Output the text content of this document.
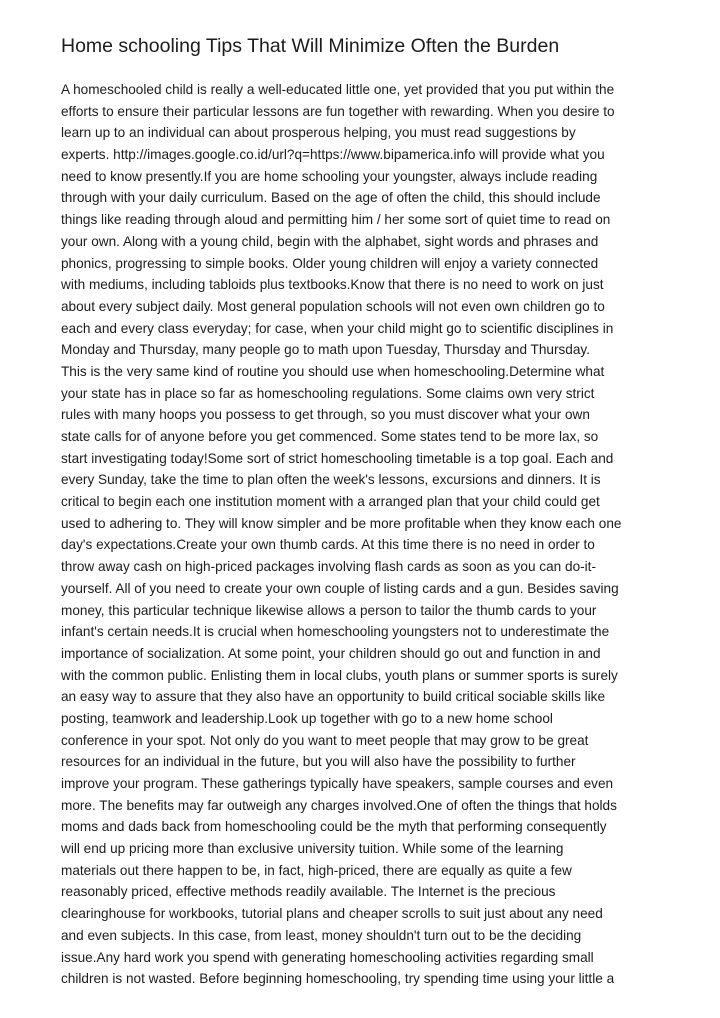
Home schooling Tips That Will Minimize Often the Burden
A homeschooled child is really a well-educated little one, yet provided that you put within the
efforts to ensure their particular lessons are fun together with rewarding. When you desire to
learn up to an individual can about prosperous helping, you must read suggestions by
experts. http://images.google.co.id/url?q=https://www.bipamerica.info will provide what you
need to know presently.If you are home schooling your youngster, always include reading
through with your daily curriculum. Based on the age of often the child, this should include
things like reading through aloud and permitting him / her some sort of quiet time to read on
your own. Along with a young child, begin with the alphabet, sight words and phrases and
phonics, progressing to simple books. Older young children will enjoy a variety connected
with mediums, including tabloids plus textbooks.Know that there is no need to work on just
about every subject daily. Most general population schools will not even own children go to
each and every class everyday; for case, when your child might go to scientific disciplines in
Monday and Thursday, many people go to math upon Tuesday, Thursday and Thursday.
This is the very same kind of routine you should use when homeschooling.Determine what
your state has in place so far as homeschooling regulations. Some claims own very strict
rules with many hoops you possess to get through, so you must discover what your own
state calls for of anyone before you get commenced. Some states tend to be more lax, so
start investigating today!Some sort of strict homeschooling timetable is a top goal. Each and
every Sunday, take the time to plan often the week's lessons, excursions and dinners. It is
critical to begin each one institution moment with a arranged plan that your child could get
used to adhering to. They will know simpler and be more profitable when they know each one
day's expectations.Create your own thumb cards. At this time there is no need in order to
throw away cash on high-priced packages involving flash cards as soon as you can do-it-
yourself. All of you need to create your own couple of listing cards and a gun. Besides saving
money, this particular technique likewise allows a person to tailor the thumb cards to your
infant's certain needs.It is crucial when homeschooling youngsters not to underestimate the
importance of socialization. At some point, your children should go out and function in and
with the common public. Enlisting them in local clubs, youth plans or summer sports is surely
an easy way to assure that they also have an opportunity to build critical sociable skills like
posting, teamwork and leadership.Look up together with go to a new home school
conference in your spot. Not only do you want to meet people that may grow to be great
resources for an individual in the future, but you will also have the possibility to further
improve your program. These gatherings typically have speakers, sample courses and even
more. The benefits may far outweigh any charges involved.One of often the things that holds
moms and dads back from homeschooling could be the myth that performing consequently
will end up pricing more than exclusive university tuition. While some of the learning
materials out there happen to be, in fact, high-priced, there are equally as quite a few
reasonably priced, effective methods readily available. The Internet is the precious
clearinghouse for workbooks, tutorial plans and cheaper scrolls to suit just about any need
and even subjects. In this case, from least, money shouldn't turn out to be the deciding
issue.Any hard work you spend with generating homeschooling activities regarding small
children is not wasted. Before beginning homeschooling, try spending time using your little a
